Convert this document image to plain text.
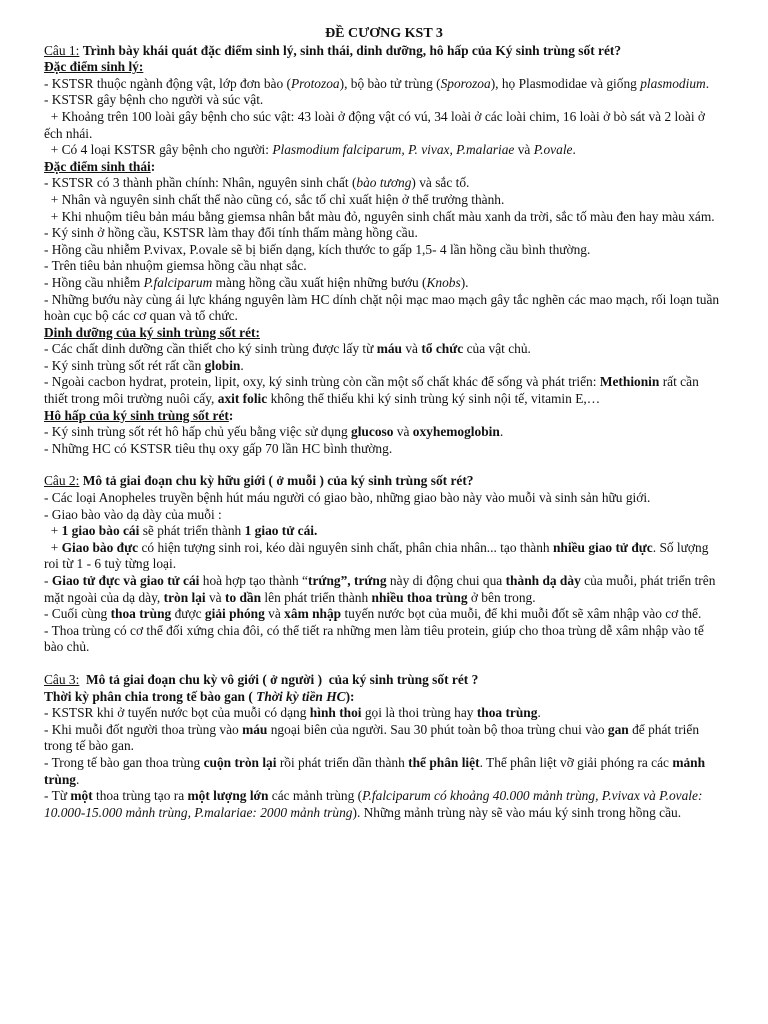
ĐỀ CƯƠNG KST 3

Câu 1: Trình bày khái quát đặc điểm sinh lý, sinh thái, dinh dưỡng, hô hấp của Ký sinh trùng sốt rét?

Đặc điểm sinh lý:

- KSTSR thuộc ngành động vật, lớp đơn bào (Protozoa), bộ bào tử trùng (Sporozoa), họ Plasmodidae và giống plasmodium.

- KSTSR gây bệnh cho người và súc vật.

+ Khoảng trên 100 loài gây bệnh cho súc vật: 43 loài ở động vật có vú, 34 loài ở các loài chim, 16 loài ở bò sát và 2 loài ở ếch nhái.

+ Có 4 loại KSTSR gây bệnh cho người: Plasmodium falciparum, P. vivax, P.malariae và P.ovale.

Đặc điểm sinh thái:

- KSTSR có 3 thành phần chính: Nhân, nguyên sinh chất (bào tương) và sắc tố.

+ Nhân và nguyên sinh chất thể nào cũng có, sắc tố chỉ xuất hiện ở thể trưởng thành.

+ Khi nhuộm tiêu bản máu bằng giemsa nhân bắt màu đỏ, nguyên sinh chất màu xanh da trời, sắc tố màu đen hay màu xám.

- Ký sinh ở hồng cầu, KSTSR làm thay đổi tính thấm màng hồng cầu.

- Hồng cầu nhiễm P.vivax, P.ovale sẽ bị biến dạng, kích thước to gấp 1,5- 4 lần hồng cầu bình thường.

- Trên tiêu bản nhuộm giemsa hồng cầu nhạt sắc.

- Hồng cầu nhiễm P.falciparum màng hồng cầu xuất hiện những bướu (Knobs).

- Những bướu này cùng ái lực kháng nguyên làm HC dính chặt nội mạc mao mạch gây tắc nghẽn các mao mạch, rối loạn tuần hoàn cục bộ các cơ quan và tổ chức.

Dinh dưỡng của ký sinh trùng sốt rét:

- Các chất dinh dưỡng cần thiết cho ký sinh trùng được lấy từ máu và tổ chức của vật chủ.

- Ký sinh trùng sốt rét rất cần globin.

- Ngoài cacbon hydrat, protein, lipit, oxy, ký sinh trùng còn cần một số chất khác để sống và phát triển: Methionin rất cần thiết trong môi trường nuôi cấy, axit folic không thể thiếu khi ký sinh trùng ký sinh nội tế, vitamin E,…

Hô hấp của ký sinh trùng sốt rét:

- Ký sinh trùng sốt rét hô hấp chủ yếu bằng việc sử dụng glucoso và oxyhemoglobin.

- Những HC có KSTSR tiêu thụ oxy gấp 70 lần HC bình thường.

Câu 2: Mô tả giai đoạn chu kỳ hữu giới ( ở muỗi ) của ký sinh trùng sốt rét?

- Các loại Anopheles truyền bệnh hút máu người có giao bào, những giao bào này vào muỗi và sinh sản hữu giới.

- Giao bào vào dạ dày của muỗi :

+ 1 giao bào cái sẽ phát triển thành 1 giao tử cái.

+ Giao bào đực có hiện tượng sinh roi, kéo dài nguyên sinh chất, phân chia nhân... tạo thành nhiều giao tử đực. Số lượng roi từ 1 - 6 tuỳ từng loại.

- Giao tử đực và giao tử cái hoà hợp tạo thành “trứng”, trứng này di động chui qua thành dạ dày của muỗi, phát triển trên mặt ngoài của dạ dày, tròn lại và to dần lên phát triển thành nhiều thoa trùng ở bên trong.

- Cuối cùng thoa trùng được giải phóng và xâm nhập tuyến nước bọt của muỗi, để khi muỗi đốt sẽ xâm nhập vào cơ thể.

- Thoa trùng có cơ thể đối xứng chia đôi, có thể tiết ra những men làm tiêu protein, giúp cho thoa trùng dễ xâm nhập vào tế bào chủ.

Câu 3: Mô tả giai đoạn chu kỳ vô giới ( ở người )  của ký sinh trùng sốt rét ?

Thời kỳ phân chia trong tế bào gan ( Thời kỳ tiền HC):

- KSTSR khi ở tuyến nước bọt của muỗi có dạng hình thoi gọi là thoi trùng hay thoa trùng.

- Khi muỗi đốt người thoa trùng vào máu ngoại biên của người. Sau 30 phút toàn bộ thoa trùng chui vào gan để phát triển trong tế bào gan.

- Trong tế bào gan thoa trùng cuộn tròn lại rồi phát triển dần thành thể phân liệt. Thể phân liệt vỡ giải phóng ra các mảnh trùng.

- Từ một thoa trùng tạo ra một lượng lớn các mảnh trùng (P.falciparum có khoảng 40.000 mảnh trùng, P.vivax và P.ovale: 10.000-15.000 mảnh trùng, P.malariae: 2000 mảnh trùng). Những mảnh trùng này sẽ vào máu ký sinh trong hồng cầu.
